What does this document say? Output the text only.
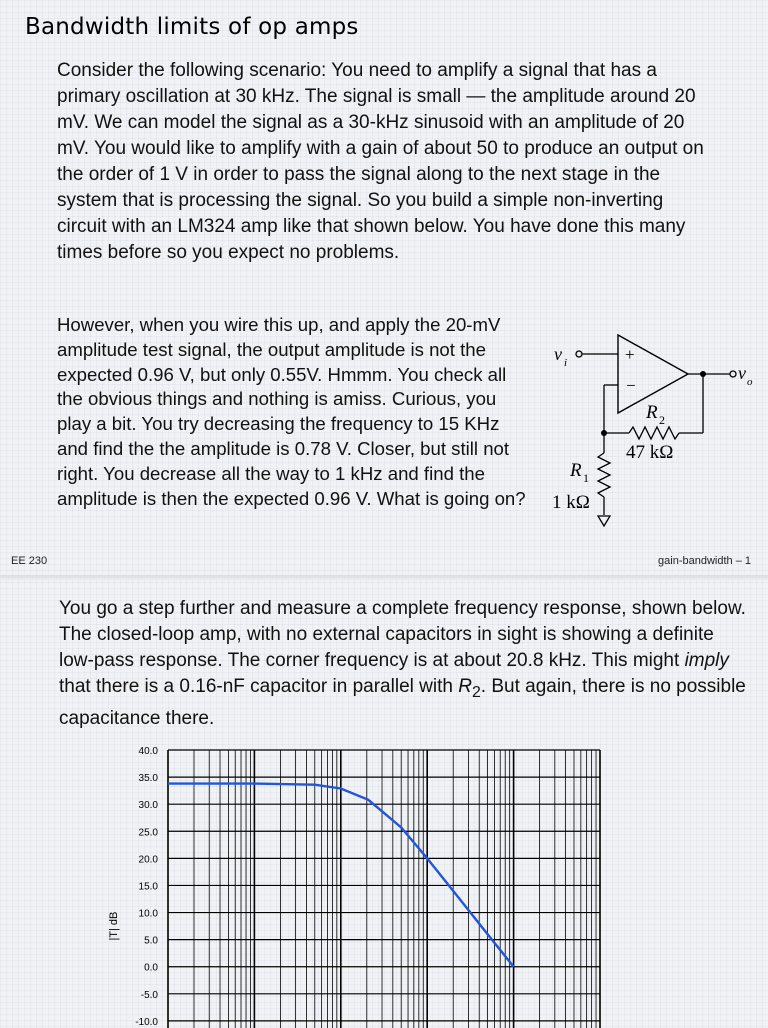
Bandwidth limits of op amps

Consider the following scenario: You need to amplify a signal that has a primary oscillation at 30 kHz. The signal is small — the amplitude around 20 mV. We can model the signal as a 30-kHz sinusoid with an amplitude of 20 mV. You would like to amplify with a gain of about 50 to produce an output on the order of 1 V in order to pass the signal along to the next stage in the system that is processing the signal. So you build a simple non-inverting circuit with an LM324 amp like that shown below. You have done this many times before so you expect no problems.

However, when you wire this up, and apply the 20-mV amplitude test signal, the output amplitude is not the expected 0.96 V, but only 0.55V. Hmmm. You check all the obvious things and nothing is amiss. Curious, you play a bit. You try decreasing the frequency to 15 KHz and find the the amplitude is 0.78 V. Closer, but still not right. You decrease all the way to 1 kHz and find the amplitude is then the expected 0.96 V. What is going on?

v i	+
−
v o
R 2
47 kΩ
R 1
1 kΩ
EE 230	gain-bandwidth – 1

You go a step further and measure a complete frequency response, shown below. The closed-loop amp, with no external capacitors in sight is showing a definite low-pass response. The corner frequency is at about 20.8 kHz. This might imply that there is a 0.16-nF capacitor in parallel with $R_2$. But again, there is no possible capacitance there.

40.0
35.0
30.0
25.0
20.0
15.0
10.0
5.0
0.0
-5.0
-10.0
|T| dB
